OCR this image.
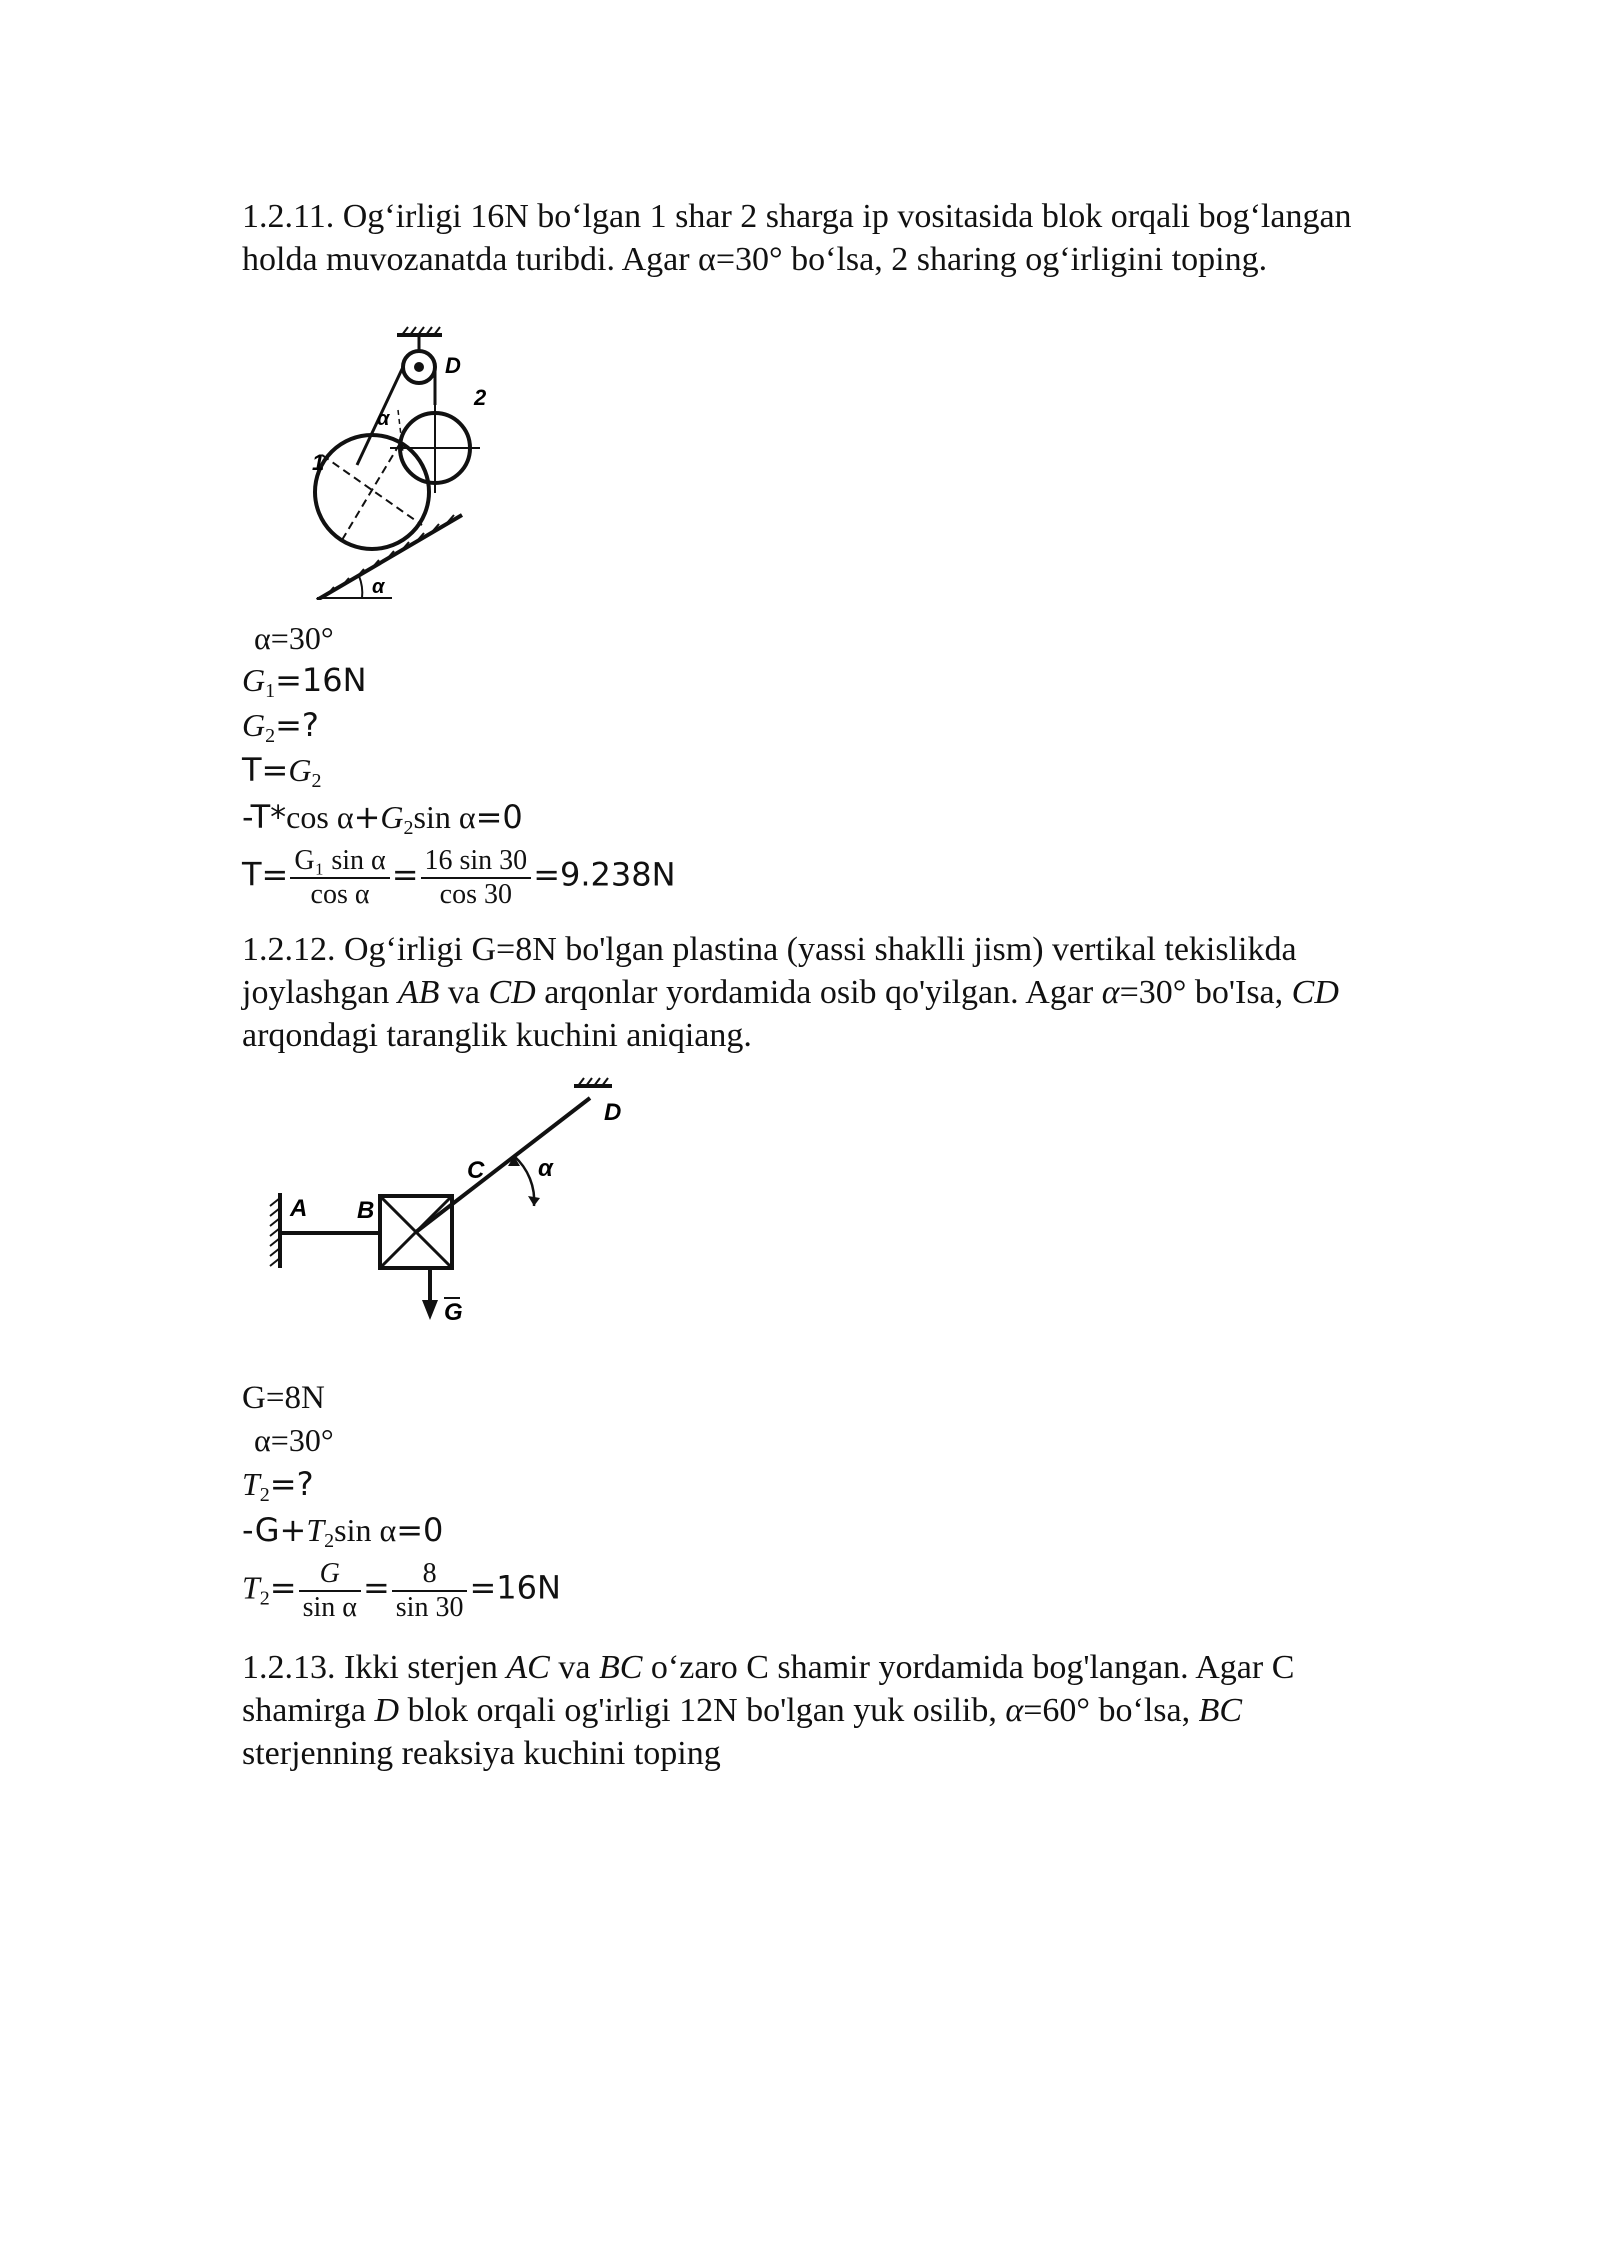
1.2.11. Og‘irligi 16N bo‘lgan 1 shar 2 sharga ip vositasida blok orqali bog‘langan holda muvozanatda turibdi. Agar α=30° bo‘lsa, 2 sharing og‘irligini toping.
D
2
α
1
α
α=30°
$G_1=16N$
$G_2=$?
$T=G_2$
-T*cos $\alpha+G_2\sin$ α=0
$T= \frac{\text{G₁ sin α}}{\text{cos α}} = \frac{16 \sin 30}{\cos 30} =9.238N$
1.2.12. Og‘irligi G=8N bo'lgan plastina (yassi shaklli jism) vertikal tekislikda joylashgan AB va CD arqonlar yordamida osib qo'yilgan. Agar α=30° bo'Isa, CD arqondagi taranglik kuchini aniqiang.
A B
C
D
α
G
G=8N
α=30°
$T_2=$?
$-G+T_2\sin$ α=0
$T_2= \frac{G}{\text{sin α}} = \frac{8}{\sin 30} =16N$
1.2.13. Ikki sterjen AC va BC o‘zaro C shamir yordamida bog'langan. Agar C shamirga D blok orqali og'irligi 12N bo'lgan yuk osilib, α=60° bo‘lsa, BC sterjenning reaksiya kuchini toping
